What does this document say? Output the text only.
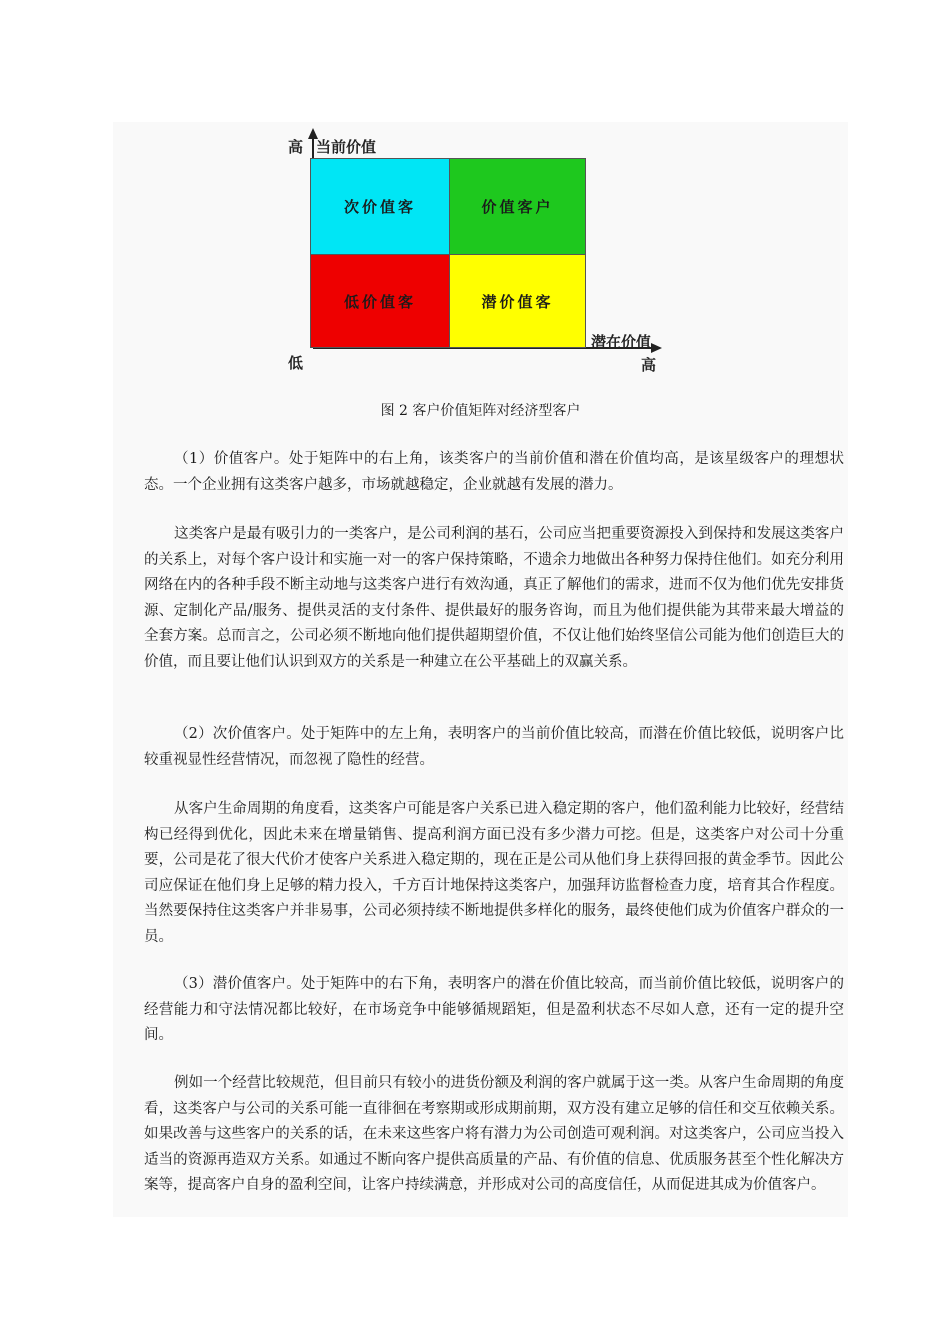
次价值客	价值客户
低价值客	潜价值客
高 当前价值
潜在价值
低	高
图 2 客户价值矩阵对经济型客户

（1）价值客户。处于矩阵中的右上角，该类客户的当前价值和潜在价值均高，是该星级客户的理想状态。一个企业拥有这类客户越多，市场就越稳定，企业就越有发展的潜力。

这类客户是最有吸引力的一类客户，是公司利润的基石，公司应当把重要资源投入到保持和发展这类客户的关系上，对每个客户设计和实施一对一的客户保持策略，不遗余力地做出各种努力保持住他们。如充分利用网络在内的各种手段不断主动地与这类客户进行有效沟通，真正了解他们的需求，进而不仅为他们优先安排货源、定制化产品/服务、提供灵活的支付条件、提供最好的服务咨询，而且为他们提供能为其带来最大增益的全套方案。总而言之，公司必须不断地向他们提供超期望价值，不仅让他们始终坚信公司能为他们创造巨大的价值，而且要让他们认识到双方的关系是一种建立在公平基础上的双赢关系。

（2）次价值客户。处于矩阵中的左上角，表明客户的当前价值比较高，而潜在价值比较低，说明客户比较重视显性经营情况，而忽视了隐性的经营。

从客户生命周期的角度看，这类客户可能是客户关系已进入稳定期的客户，他们盈利能力比较好，经营结构已经得到优化，因此未来在增量销售、提高利润方面已没有多少潜力可挖。但是，这类客户对公司十分重要，公司是花了很大代价才使客户关系进入稳定期的，现在正是公司从他们身上获得回报的黄金季节。因此公司应保证在他们身上足够的精力投入，千方百计地保持这类客户，加强拜访监督检查力度，培育其合作程度。当然要保持住这类客户并非易事，公司必须持续不断地提供多样化的服务，最终使他们成为价值客户群众的一员。

（3）潜价值客户。处于矩阵中的右下角，表明客户的潜在价值比较高，而当前价值比较低，说明客户的经营能力和守法情况都比较好，在市场竞争中能够循规蹈矩，但是盈利状态不尽如人意，还有一定的提升空间。

例如一个经营比较规范，但目前只有较小的进货份额及利润的客户就属于这一类。从客户生命周期的角度看，这类客户与公司的关系可能一直徘徊在考察期或形成期前期，双方没有建立足够的信任和交互依赖关系。如果改善与这些客户的关系的话，在未来这些客户将有潜力为公司创造可观利润。对这类客户，公司应当投入适当的资源再造双方关系。如通过不断向客户提供高质量的产品、有价值的信息、优质服务甚至个性化解决方案等，提高客户自身的盈利空间，让客户持续满意，并形成对公司的高度信任，从而促进其成为价值客户。
